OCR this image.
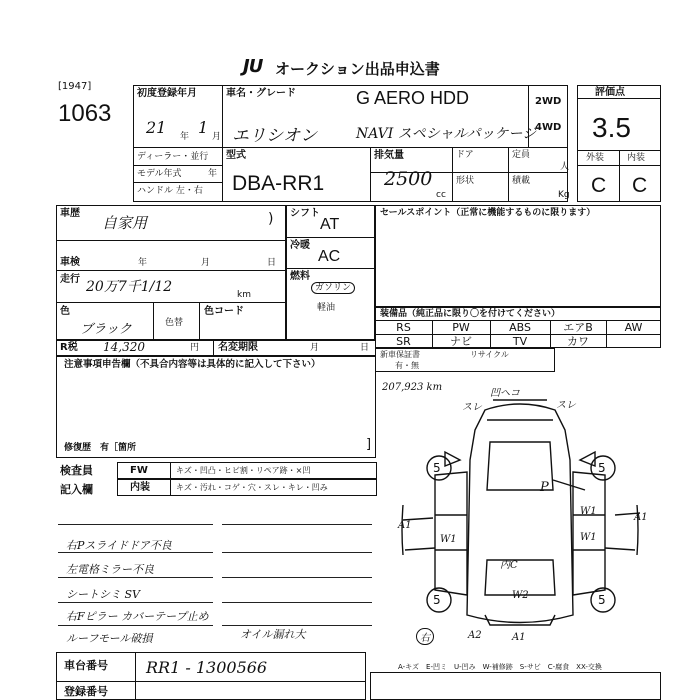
JU オークション出品申込書
[1947]
1063
初度登録年月
21 年 1 月
車名・グレード	G AERO HDD
エリシオン	NAVI スペシャルパッケージ
2WD
4WD
ディーラー・並行
モデル年式	年
ハンドル 左・右
型式
DBA-RR1
排気量
2500
cc
ドア	定員
人
形状	積載
Kg
評価点
3.5
外装	内装
C C
車歴
自家用	)
車検	年	月	日
走行 20万7千1/12	km
色
ブラック	色替
色コード
R税 14,320	円 名変期限	月	日
シフト
AT
冷暖
AC
燃料
ガソリン
軽油
セールスポイント（正常に機能するものに限ります）
装備品（純正品に限り〇を付けてください）
RS	PW	ABS	エアB	AW
SR	ナビ	TV	カワ
新車保証書	リサイクル
有・無
注意事項申告欄（不具合内容等は具体的に記入して下さい）
修復歴　有［箇所	]
検査員
記入欄
FW	キズ・凹凸・ヒビ割・リペア跡・×凹
内装	キズ・汚れ・コゲ・穴・スレ・キレ・凹み
右Pスライドドア不良
左電格ミラー不良
シートシミ SV
右Fピラー カバーテープ止め
ルーフモール破損	オイル漏れ大
207,923 km
5	5
5	5
スレ
凹ヘコ
スレ
P
A1
A1
W1
W1
W1
内C
W2
右	A2	A1
車台番号 RR1 - 1300566
登録番号
A-キズ　E-凹ミ　U-凹み　W-補修跡　S-サビ　C-腐食　XX-交換
